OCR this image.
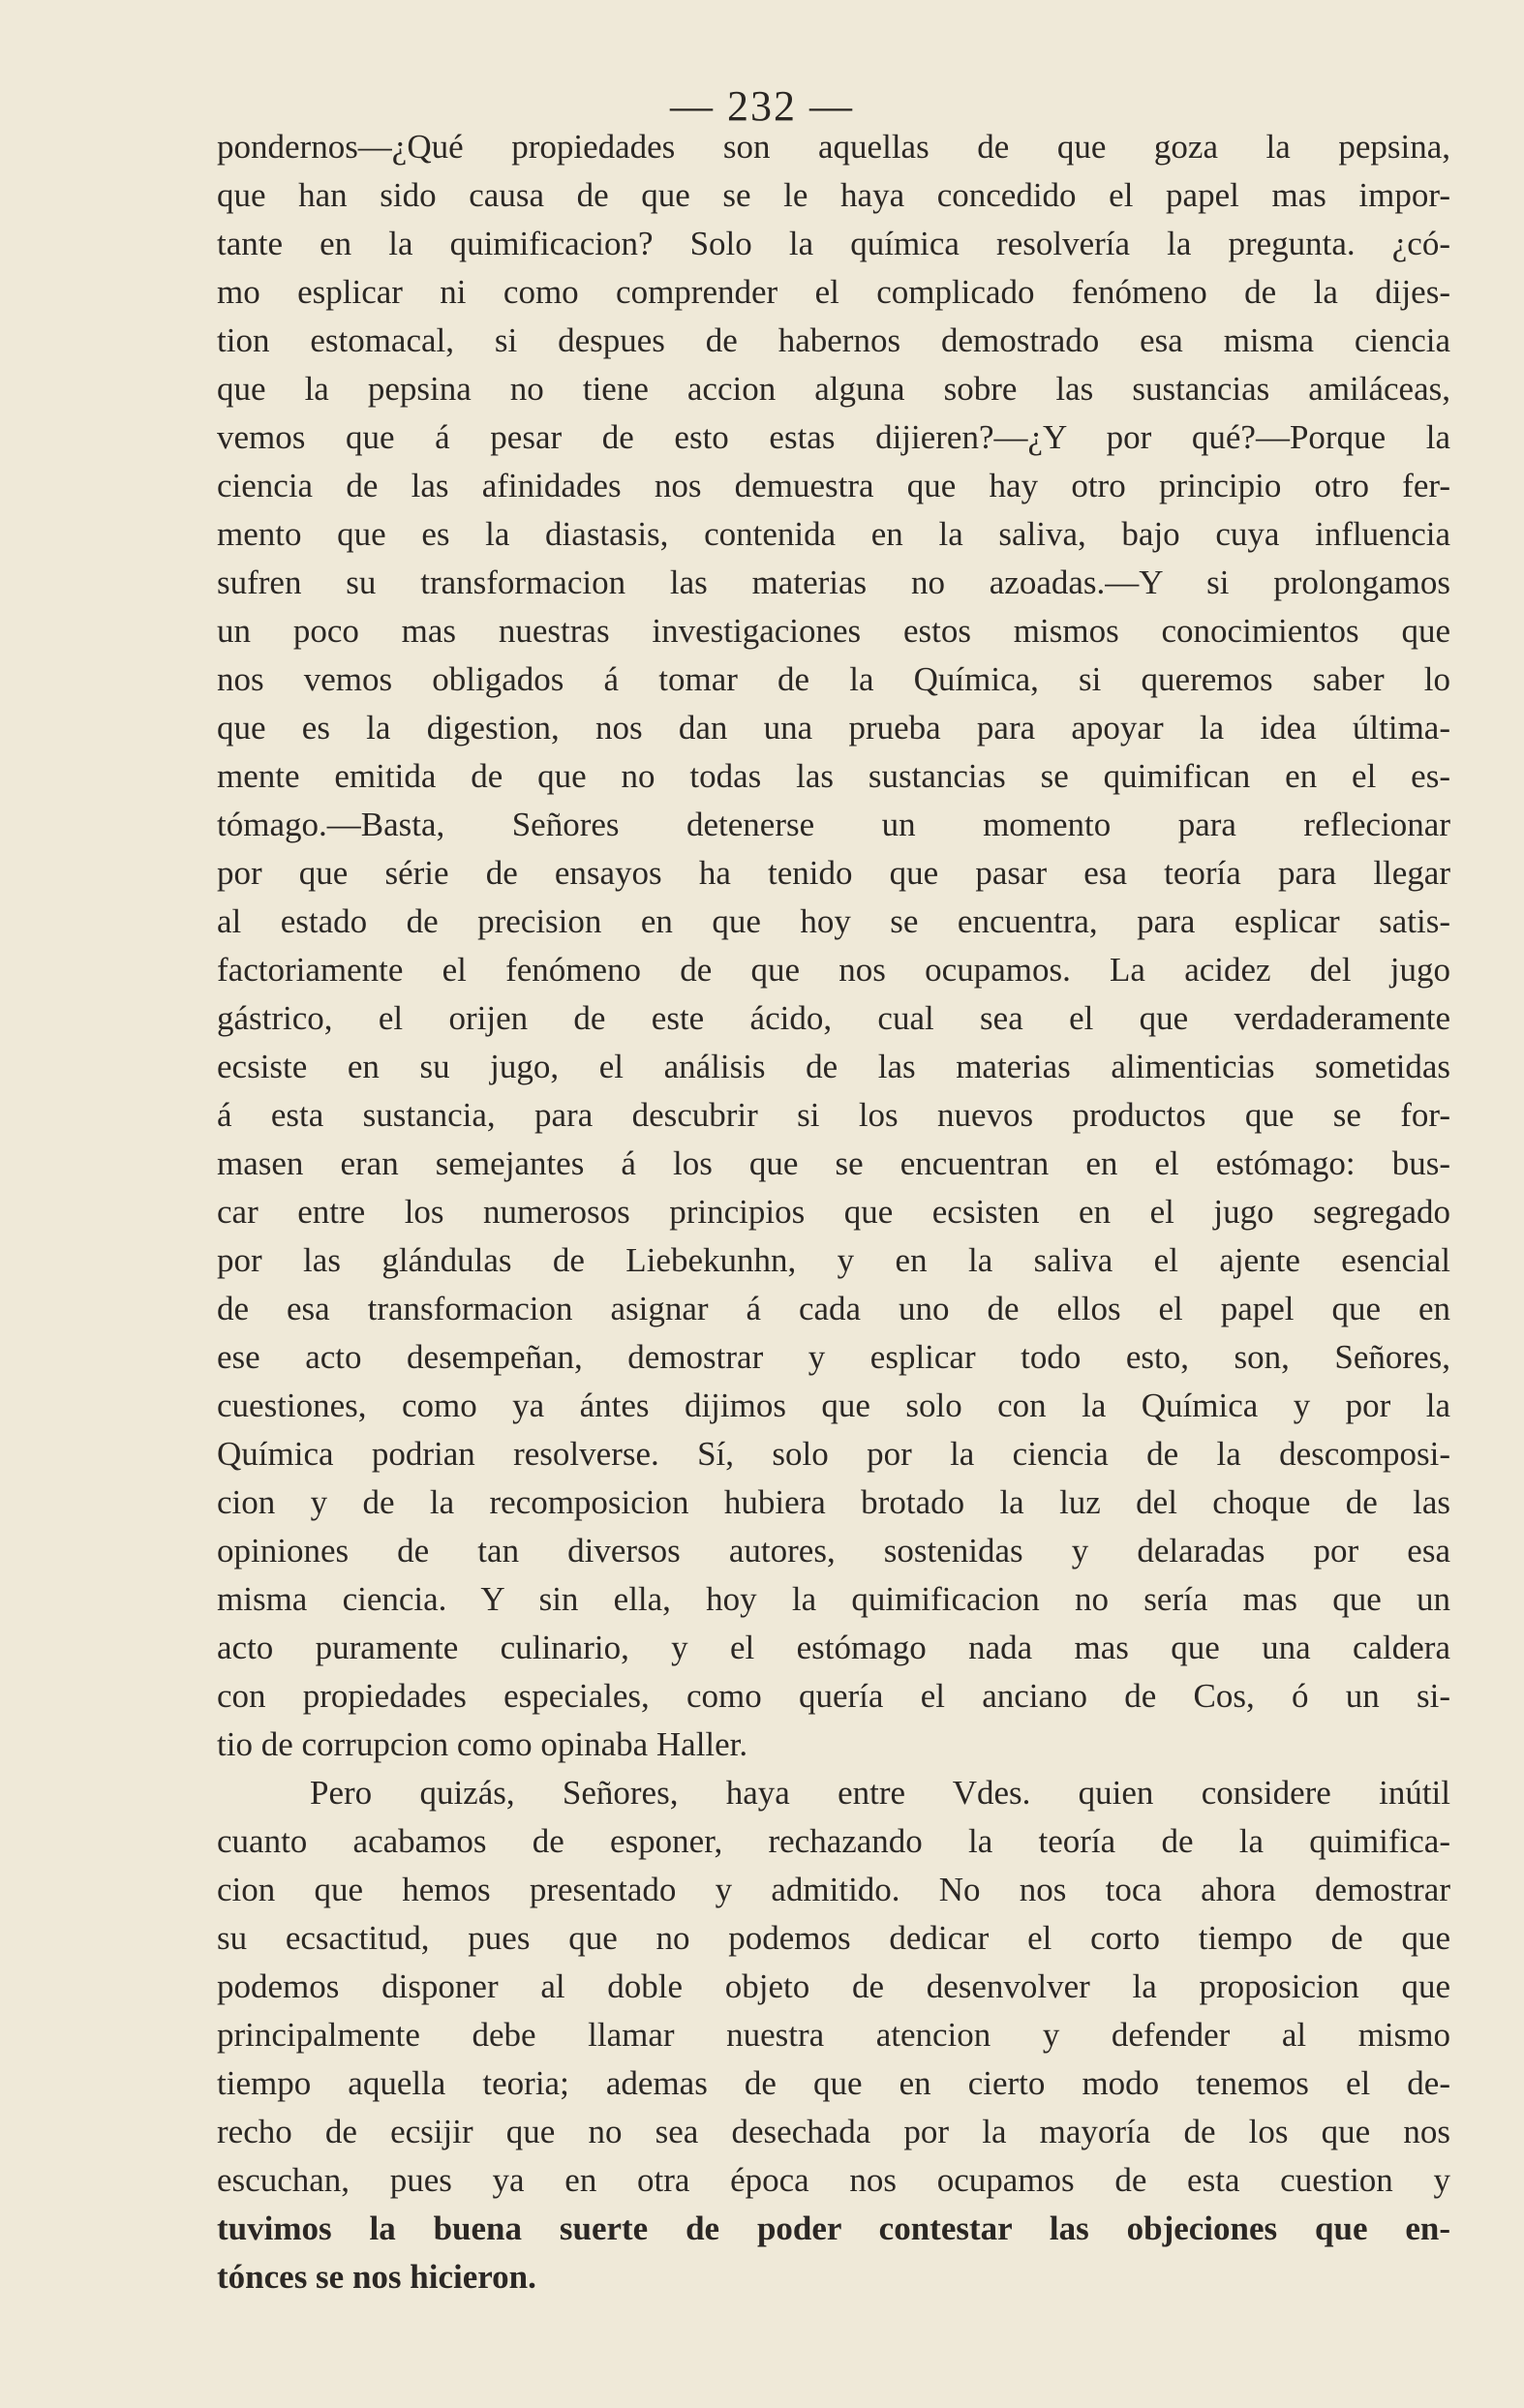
— 232 —
pondernos—¿Qué propiedades son aquellas de que goza la pepsina,
que han sido causa de que se le haya concedido el papel mas impor-
tante en la quimificacion? Solo la química resolvería la pregunta. ¿có-
mo esplicar ni como comprender el complicado fenómeno de la dijes-
tion estomacal, si despues de habernos demostrado esa misma ciencia
que la pepsina no tiene accion alguna sobre las sustancias amiláceas,
vemos que á pesar de esto estas dijieren?—¿Y por qué?—Porque la
ciencia de las afinidades nos demuestra que hay otro principio otro fer-
mento que es la diastasis, contenida en la saliva, bajo cuya influencia
sufren su transformacion las materias no azoadas.—Y si prolongamos
un poco mas nuestras investigaciones estos mismos conocimientos que
nos vemos obligados á tomar de la Química, si queremos saber lo
que es la digestion, nos dan una prueba para apoyar la idea última-
mente emitida de que no todas las sustancias se quimifican en el es-
tómago.—Basta, Señores detenerse un momento para reflecionar
por que série de ensayos ha tenido que pasar esa teoría para llegar
al estado de precision en que hoy se encuentra, para esplicar satis-
factoriamente el fenómeno de que nos ocupamos. La acidez del jugo
gástrico, el orijen de este ácido, cual sea el que verdaderamente
ecsiste en su jugo, el análisis de las materias alimenticias sometidas
á esta sustancia, para descubrir si los nuevos productos que se for-
masen eran semejantes á los que se encuentran en el estómago: bus-
car entre los numerosos principios que ecsisten en el jugo segregado
por las glándulas de Liebekunhn, y en la saliva el ajente esencial
de esa transformacion asignar á cada uno de ellos el papel que en
ese acto desempeñan, demostrar y esplicar todo esto, son, Señores,
cuestiones, como ya ántes dijimos que solo con la Química y por la
Química podrian resolverse. Sí, solo por la ciencia de la descomposi-
cion y de la recomposicion hubiera brotado la luz del choque de las
opiniones de tan diversos autores, sostenidas y delaradas por esa
misma ciencia. Y sin ella, hoy la quimificacion no sería mas que un
acto puramente culinario, y el estómago nada mas que una caldera
con propiedades especiales, como quería el anciano de Cos, ó un si-
tio de corrupcion como opinaba Haller.
Pero quizás, Señores, haya entre Vdes. quien considere inútil
cuanto acabamos de esponer, rechazando la teoría de la quimifica-
cion que hemos presentado y admitido. No nos toca ahora demostrar
su ecsactitud, pues que no podemos dedicar el corto tiempo de que
podemos disponer al doble objeto de desenvolver la proposicion que
principalmente debe llamar nuestra atencion y defender al mismo
tiempo aquella teoria; ademas de que en cierto modo tenemos el de-
recho de ecsijir que no sea desechada por la mayoría de los que nos
escuchan, pues ya en otra época nos ocupamos de esta cuestion y
tuvimos la buena suerte de poder contestar las objeciones que en-
tónces se nos hicieron.
